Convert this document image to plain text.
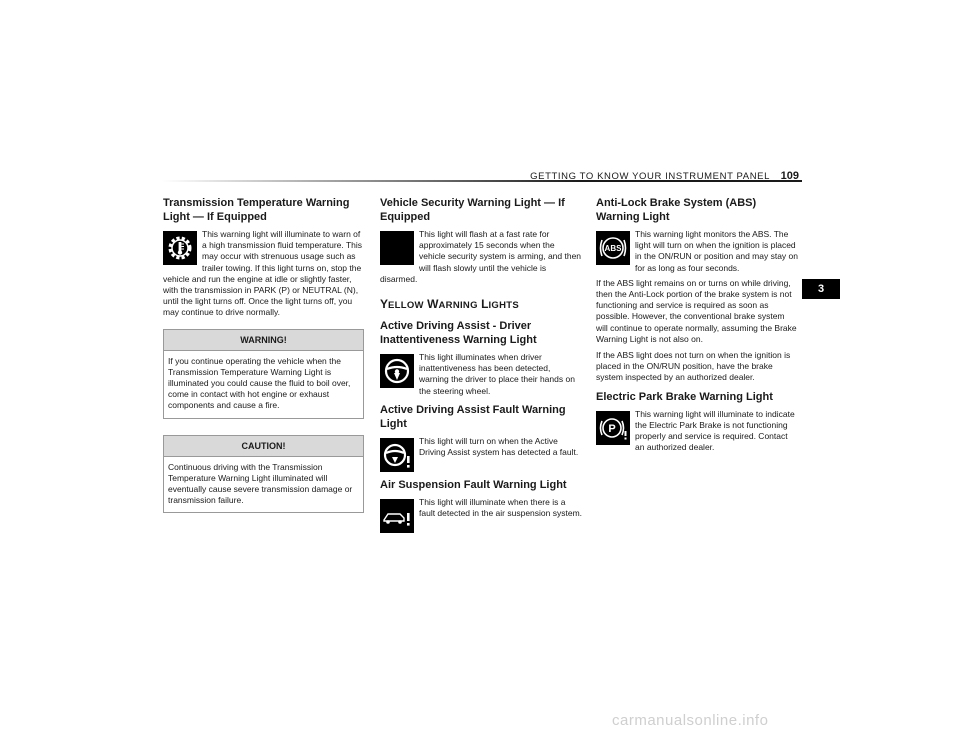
GETTING TO KNOW YOUR INSTRUMENT PANEL 109
3
Transmission Temperature Warning Light — If Equipped

This warning light will illuminate to warn of a high transmission fluid temperature. This may occur with strenuous usage such as trailer towing. If this light turns on, stop the vehicle and run the engine at idle or slightly faster, with the transmission in PARK (P) or NEUTRAL (N), until the light turns off. Once the light turns off, you may continue to drive normally.

WARNING!
If you continue operating the vehicle when the Transmission Temperature Warning Light is illuminated you could cause the fluid to boil over, come in contact with hot engine or exhaust components and cause a fire.
CAUTION!
Continuous driving with the Transmission Temperature Warning Light illuminated will eventually cause severe transmission damage or transmission failure.
Vehicle Security Warning Light — If Equipped

This light will flash at a fast rate for approximately 15 seconds when the vehicle security system is arming, and then will flash slowly until the vehicle is disarmed.

YELLOW WARNING LIGHTS
Active Driving Assist - Driver Inattentiveness Warning Light

This light illuminates when driver inattentiveness has been detected, warning the driver to place their hands on the steering wheel.

Active Driving Assist Fault Warning Light

This light will turn on when the Active Driving Assist system has detected a fault.

Air Suspension Fault Warning Light

This light will illuminate when there is a fault detected in the air suspension system.

Anti-Lock Brake System (ABS) Warning Light
ABS

This warning light monitors the ABS. The light will turn on when the ignition is placed in the ON/RUN or position and may stay on for as long as four seconds.

If the ABS light remains on or turns on while driving, then the Anti-Lock portion of the brake system is not functioning and service is required as soon as possible. However, the conventional brake system will continue to operate normally, assuming the Brake Warning Light is not also on.

If the ABS light does not turn on when the ignition is placed in the ON/RUN position, have the brake system inspected by an authorized dealer.

Electric Park Brake Warning Light
P

This warning light will illuminate to indicate the Electric Park Brake is not functioning properly and service is required. Contact an authorized dealer.

carmanualsonline.info
